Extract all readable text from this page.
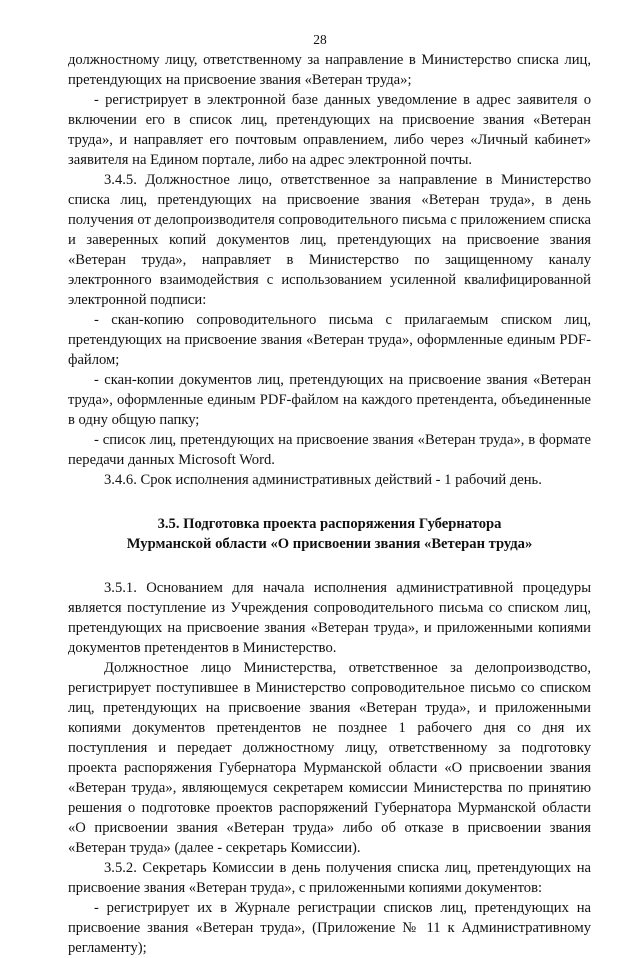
28

должностному лицу, ответственному за направление в Министерство списка лиц, претендующих на присвоение звания «Ветеран труда»;

- регистрирует в электронной базе данных уведомление в адрес заявителя о включении его в список лиц, претендующих на присвоение звания «Ветеран труда», и направляет его почтовым оправлением, либо через «Личный кабинет» заявителя на Едином портале, либо на адрес электронной почты.

3.4.5. Должностное лицо, ответственное за направление в Министерство списка лиц, претендующих на присвоение звания «Ветеран труда», в день получения от делопроизводителя сопроводительного письма с приложением списка и заверенных копий документов лиц, претендующих на присвоение звания «Ветеран труда», направляет в Министерство по защищенному каналу электронного взаимодействия с использованием усиленной квалифицированной электронной подписи:

- скан-копию сопроводительного письма с прилагаемым списком лиц, претендующих на присвоение звания «Ветеран труда», оформленные единым PDF-файлом;

- скан-копии документов лиц, претендующих на присвоение звания «Ветеран труда», оформленные единым PDF-файлом на каждого претендента, объединенные в одну общую папку;

- список лиц, претендующих на присвоение звания «Ветеран труда», в формате передачи данных Microsoft Word.

3.4.6. Срок исполнения административных действий - 1 рабочий день.

3.5. Подготовка проекта распоряжения Губернатора
Мурманской области «О присвоении звания «Ветеран труда»

3.5.1. Основанием для начала исполнения административной процедуры является поступление из Учреждения сопроводительного письма со списком лиц, претендующих на присвоение звания «Ветеран труда», и приложенными копиями документов претендентов в Министерство.

Должностное лицо Министерства, ответственное за делопроизводство, регистрирует поступившее в Министерство сопроводительное письмо со списком лиц, претендующих на присвоение звания «Ветеран труда», и приложенными копиями документов претендентов не позднее 1 рабочего дня со дня их поступления и передает должностному лицу, ответственному за подготовку проекта распоряжения Губернатора Мурманской области «О присвоении звания «Ветеран труда», являющемуся секретарем комиссии Министерства по принятию решения о подготовке проектов распоряжений Губернатора Мурманской области «О присвоении звания «Ветеран труда» либо об отказе в присвоении звания «Ветеран труда» (далее - секретарь Комиссии).

3.5.2. Секретарь Комиссии в день получения списка лиц, претендующих на присвоение звания «Ветеран труда», с приложенными копиями документов:

- регистрирует их в Журнале регистрации списков лиц, претендующих на присвоение звания «Ветеран труда», (Приложение № 11 к Административному регламенту);
